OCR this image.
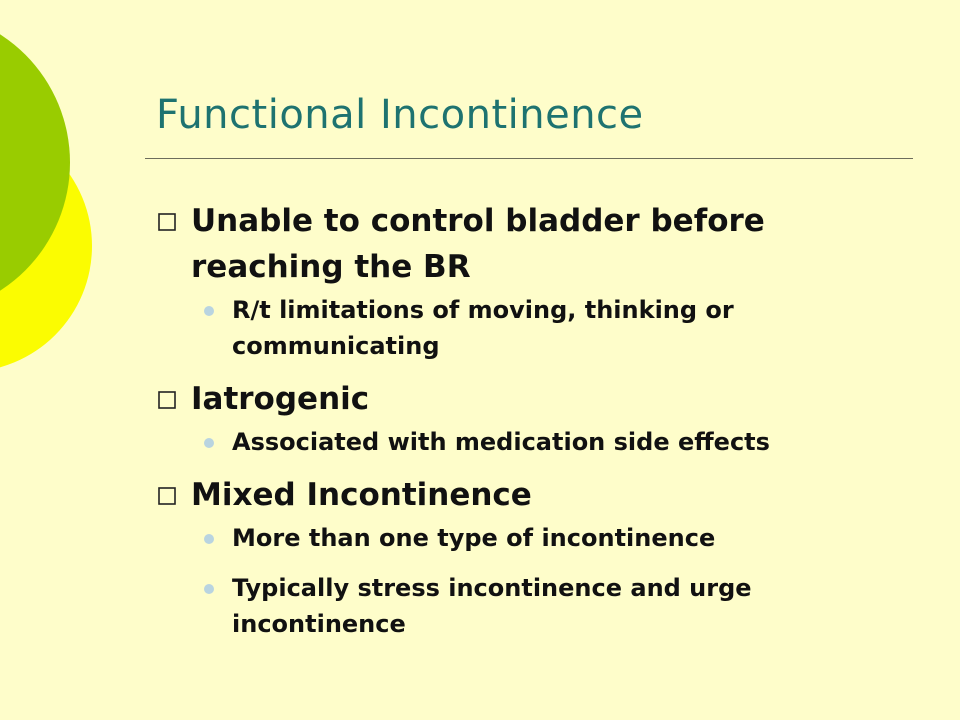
Functional Incontinence
Unable to control bladder before reaching the BR
R/t limitations of moving, thinking or communicating
Iatrogenic
Associated with medication side effects
Mixed Incontinence
More than one type of incontinence
Typically stress incontinence and urge incontinence
